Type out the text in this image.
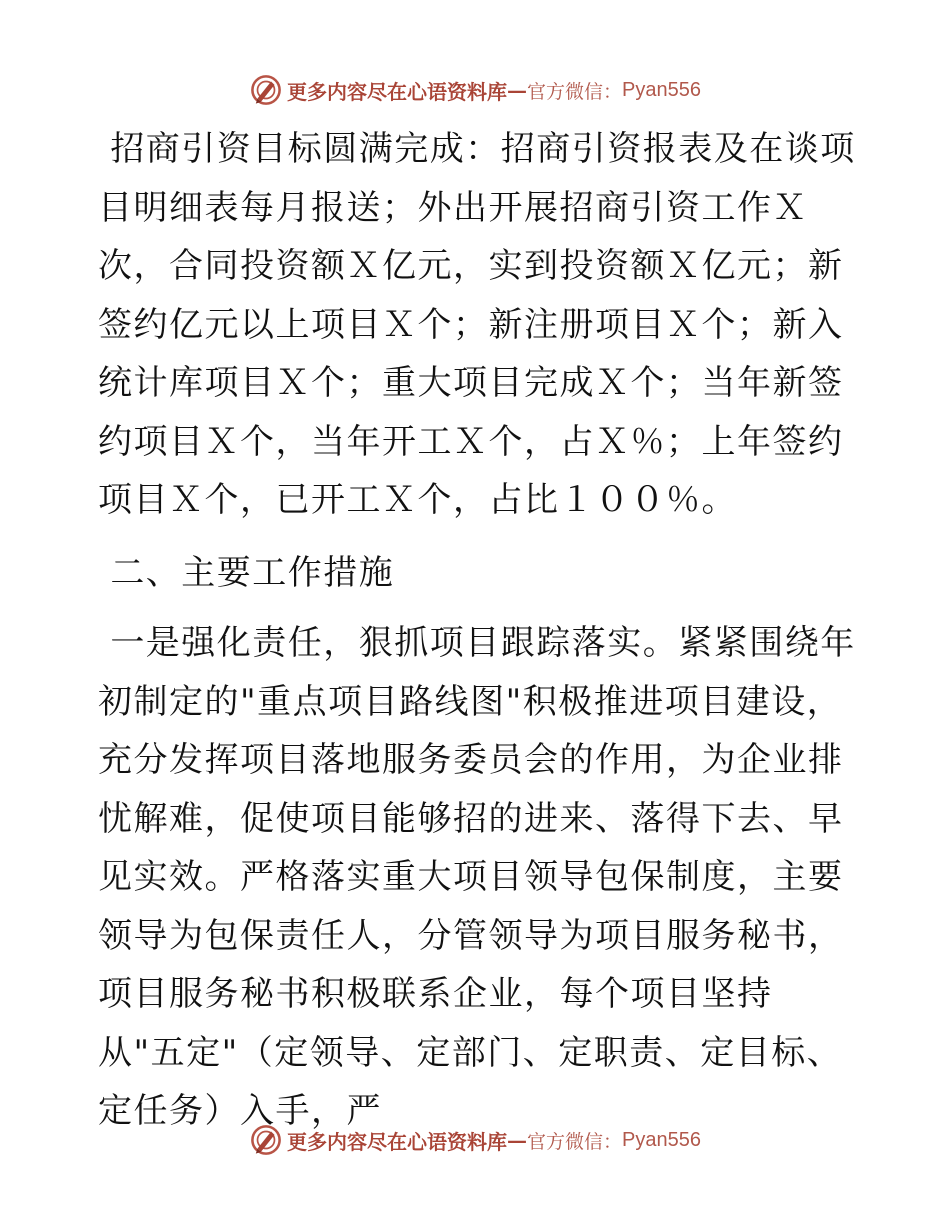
更多内容尽在心语资料库 — 官方微信： Pyan556

招商引资目标圆满完成：招商引资报表及在谈项目明细表每月报送；外出开展招商引资工作Ｘ次，合同投资额Ｘ亿元，实到投资额Ｘ亿元；新签约亿元以上项目Ｘ个；新注册项目Ｘ个；新入统计库项目Ｘ个；重大项目完成Ｘ个；当年新签约项目Ｘ个，当年开工Ｘ个，占Ｘ％；上年签约项目Ｘ个，已开工Ｘ个，占比１００％。

二、主要工作措施

一是强化责任，狠抓项目跟踪落实。紧紧围绕年初制定的"重点项目路线图"积极推进项目建设，充分发挥项目落地服务委员会的作用，为企业排忧解难，促使项目能够招的进来、落得下去、早见实效。严格落实重大项目领导包保制度，主要领导为包保责任人，分管领导为项目服务秘书，项目服务秘书积极联系企业，每个项目坚持从"五定"（定领导、定部门、定职责、定目标、定任务）入手，严

更多内容尽在心语资料库 — 官方微信： Pyan556
